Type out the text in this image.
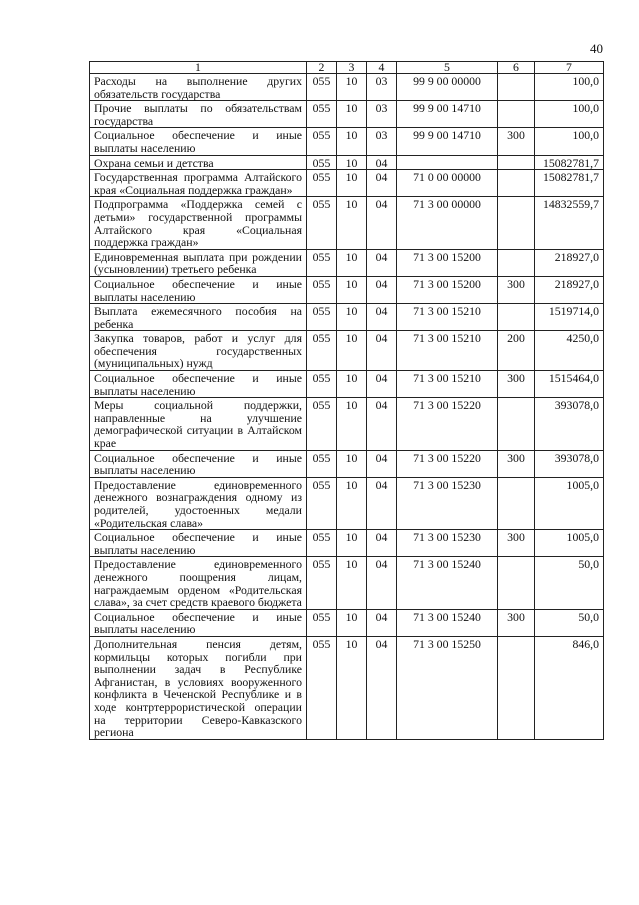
40
1	2	3	4	5	6	7
Расходы на выполнение других обязательств государства	055	10	03	99 9 00 00000		100,0
Прочие выплаты по обязательствам государства	055	10	03	99 9 00 14710		100,0
Социальное обеспечение и иные выплаты населению	055	10	03	99 9 00 14710	300	100,0
Охрана семьи и детства	055	10	04			15082781,7
Государственная программа Алтайского края «Социальная поддержка граждан»	055	10	04	71 0 00 00000		15082781,7
Подпрограмма «Поддержка семей с детьми» государственной программы Алтайского края «Социальная поддержка граждан»	055	10	04	71 3 00 00000		14832559,7
Единовременная выплата при рождении (усыновлении) третьего ребенка	055	10	04	71 3 00 15200		218927,0
Социальное обеспечение и иные выплаты населению	055	10	04	71 3 00 15200	300	218927,0
Выплата ежемесячного пособия на ребенка	055	10	04	71 3 00 15210		1519714,0
Закупка товаров, работ и услуг для обеспечения государственных (муниципальных) нужд	055	10	04	71 3 00 15210	200	4250,0
Социальное обеспечение и иные выплаты населению	055	10	04	71 3 00 15210	300	1515464,0
Меры социальной поддержки, направленные на улучшение демографической ситуации в Алтайском крае	055	10	04	71 3 00 15220		393078,0
Социальное обеспечение и иные выплаты населению	055	10	04	71 3 00 15220	300	393078,0
Предоставление единовременного денежного вознаграждения одному из родителей, удостоенных медали «Родительская слава»	055	10	04	71 3 00 15230		1005,0
Социальное обеспечение и иные выплаты населению	055	10	04	71 3 00 15230	300	1005,0
Предоставление единовременного денежного поощрения лицам, награждаемым орденом «Родительская слава», за счет средств краевого бюджета	055	10	04	71 3 00 15240		50,0
Социальное обеспечение и иные выплаты населению	055	10	04	71 3 00 15240	300	50,0
Дополнительная пенсия детям, кормильцы которых погибли при выполнении задач в Республике Афганистан, в условиях вооруженного конфликта в Чеченской Республике и в ходе контртеррористической операции на территории Северо-Кавказского региона	055	10	04	71 3 00 15250		846,0
